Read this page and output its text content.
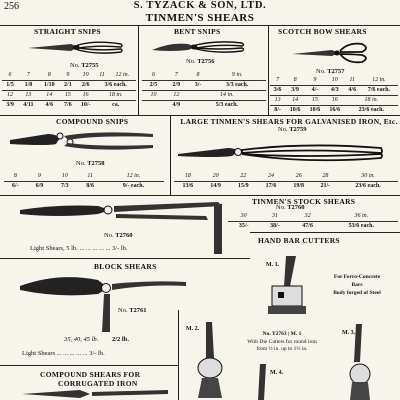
256	S. TYZACK & SON, LTD.
TINMEN'S SHEARS
STRAIGHT SNIPS
No. T2755
6	7	8	9	10	11	12 in.
1/5	1/8	1/10	2/1	2/6	3/6 each.	
12	13	14	15	16	18 in.	
3/9	4/11	4/6	7/6	10/-	ca.	
BENT SNIPS
No. T2756
6	7	8	9 in.
2/5	2/9	3/-	3/3 each.
10	12	14 in.	
	4/9	5/3 each.	
SCOTCH BOW SHEARS
No. T2757
7	8	9	10	11	12 in.
3/6	3/9	4/-	4/3	4/6	7/6 each.
13	14	15	16	18 in.	
8/-	10/6	10/6	16/6	23/6 each.	
COMPOUND SNIPS
No. T2758
8	9	10	11	12 in.
6/-	6/9	7/3	8/6	9/- each.
LARGE TINMEN'S SHEARS FOR GALVANISED IRON, Etc.
No. T2759
18	20	22	24	26	28	30 in.
13/6	14/9	15/9	17/6	19/8	21/-	23/6 each.
No. T2760
Light Shears, 5 lb. ... ... ... ... ... 3/- lb.
TINMEN'S STOCK SHEARS
No. T2760
30	31	32	36 in.
35/-	38/-	47/6	53/6 each.
HAND BAR CUTTERS
M. 1.
For Ferro-Concrete
Bars
Body forged of Steel
No. T2763 | M. 1
With Die Cutters for round iron
from ½ in. up to 1½ in.
M. 2.
M. 3.
M. 4.
BLOCK SHEARS
No. T2761
35, 40, 45 lb. 2/2 lb.
Light Shears ... ... ... ... ... 3/- lb.
COMPOUND SHEARS FOR
CORRUGATED IRON
